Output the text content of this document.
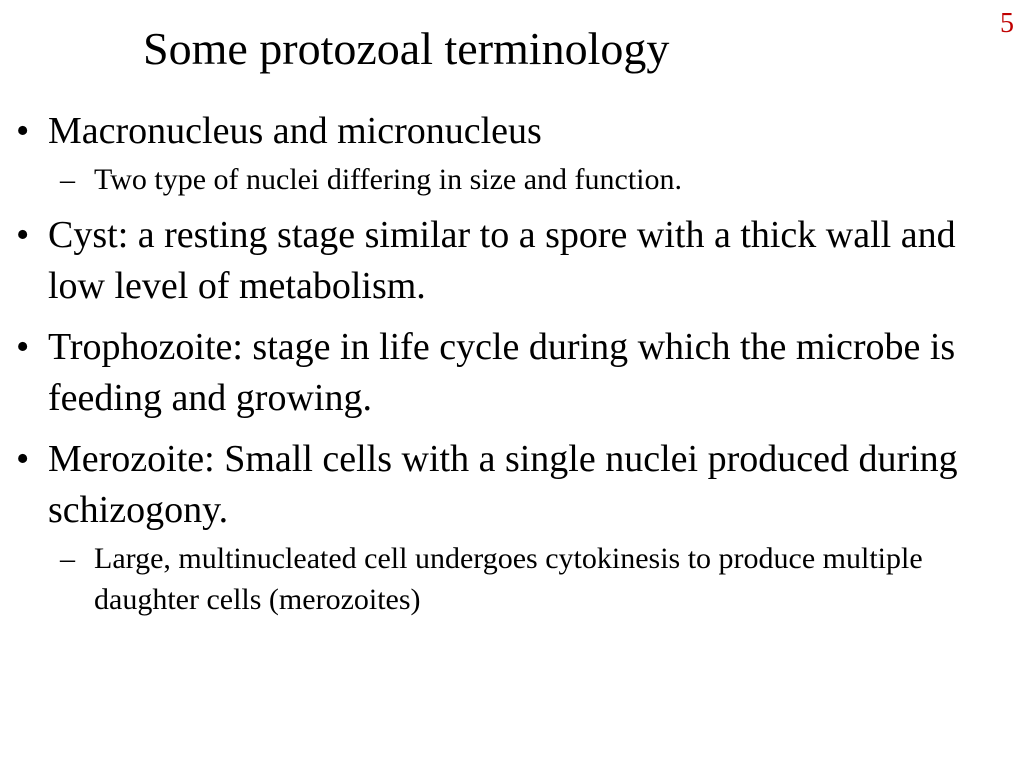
5
Some protozoal terminology
• Macronucleus and micronucleus
– Two type of nuclei differing in size and function.
• Cyst: a resting stage similar to a spore with a thick wall and low level of metabolism.
• Trophozoite: stage in life cycle during which the microbe is feeding and growing.
• Merozoite: Small cells with a single nuclei produced during schizogony.
– Large, multinucleated cell undergoes cytokinesis to produce multiple daughter cells (merozoites)
